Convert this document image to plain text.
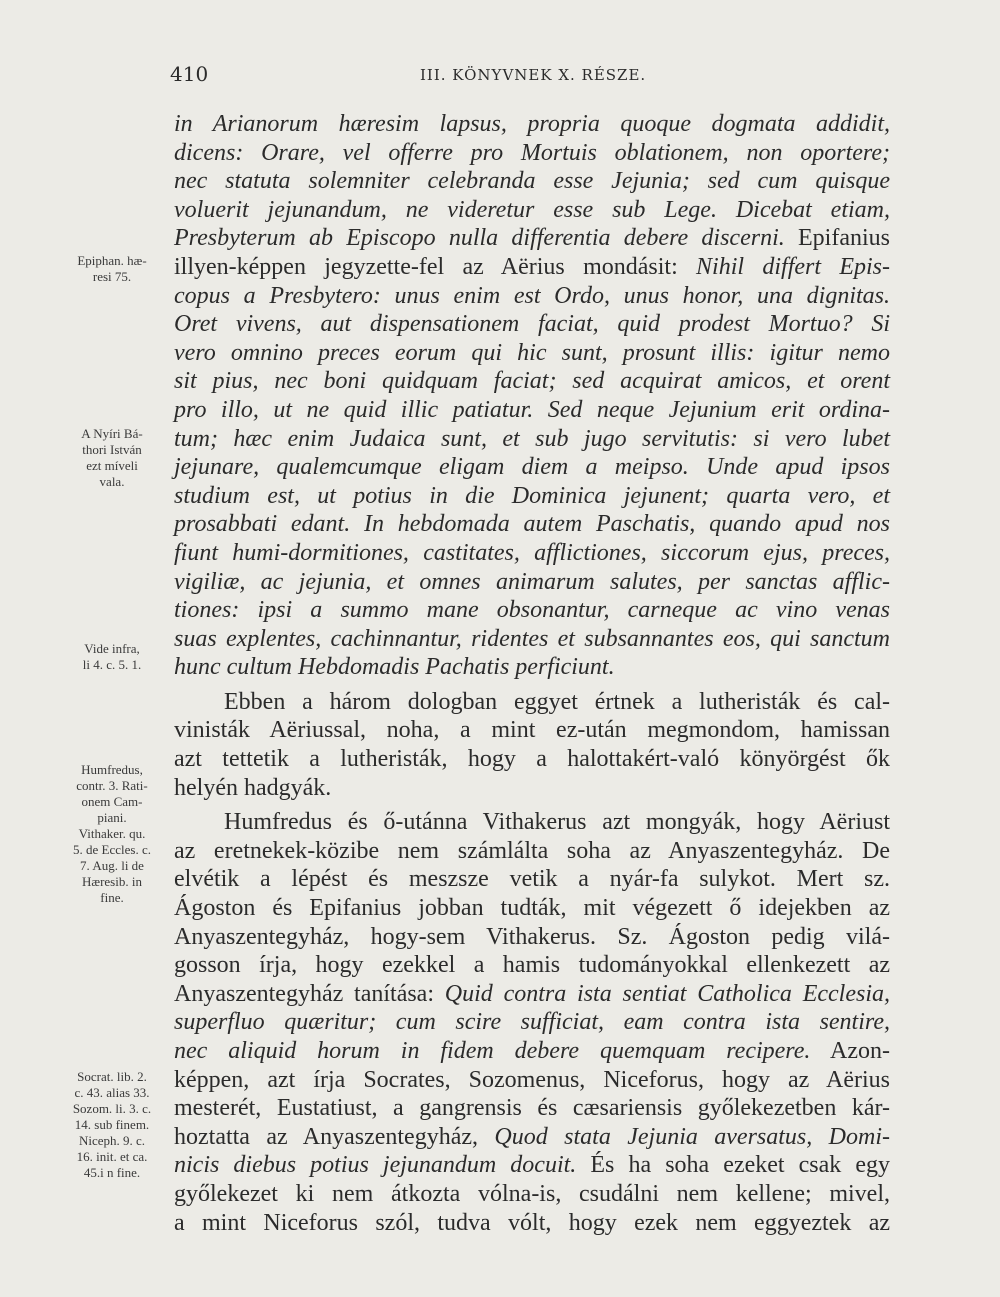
410	III. KÖNYVNEK X. RÉSZE.
Epiphan. hæ-
resi 75.
A Nyíri Bá-
thori István
ezt míveli
vala.
Vide infra,
li 4. c. 5. 1.
Humfredus,
contr. 3. Rati-
onem Cam-
piani.
Vithaker. qu.
5. de Eccles. c.
7. Aug. li de
Hæresib. in
fine.
Socrat. lib. 2.
c. 43. alias 33.
Sozom. li. 3. c.
14. sub finem.
Niceph. 9. c.
16. init. et ca.
45.i n fine.
in Arianorum hæresim lapsus, propria quoque dogmata addidit,
dicens: Orare, vel offerre pro Mortuis oblationem, non oportere;
nec statuta solemniter celebranda esse Jejunia; sed cum quisque
voluerit jejunandum, ne videretur esse sub Lege. Dicebat etiam,
Presbyterum ab Episcopo nulla differentia debere discerni. Epifanius
illyen-képpen jegyzette-fel az Aërius mondásit: Nihil differt Epis-
copus a Presbytero: unus enim est Ordo, unus honor, una dignitas.
Oret vivens, aut dispensationem faciat, quid prodest Mortuo? Si
vero omnino preces eorum qui hic sunt, prosunt illis: igitur nemo
sit pius, nec boni quidquam faciat; sed acquirat amicos, et orent
pro illo, ut ne quid illic patiatur. Sed neque Jejunium erit ordina-
tum; hæc enim Judaica sunt, et sub jugo servitutis: si vero lubet
jejunare, qualemcumque eligam diem a meipso. Unde apud ipsos
studium est, ut potius in die Dominica jejunent; quarta vero, et
prosabbati edant. In hebdomada autem Paschatis, quando apud nos
fiunt humi-dormitiones, castitates, afflictiones, siccorum ejus, preces,
vigiliæ, ac jejunia, et omnes animarum salutes, per sanctas afflic-
tiones: ipsi a summo mane obsonantur, carneque ac vino venas
suas explentes, cachinnantur, ridentes et subsannantes eos, qui sanctum
hunc cultum Hebdomadis Pachatis perficiunt.
Ebben a három dologban eggyet értnek a lutheristák és cal-
vinisták Aëriussal, noha, a mint ez-után megmondom, hamissan
azt tettetik a lutheristák, hogy a halottakért-való könyörgést ők
helyén hadgyák.
Humfredus és ő-utánna Vithakerus azt mongyák, hogy Aëriust
az eretnekek-közibe nem számlálta soha az Anyaszentegyház. De
elvétik a lépést és meszsze vetik a nyár-fa sulykot. Mert sz.
Ágoston és Epifanius jobban tudták, mit végezett ő idejekben az
Anyaszentegyház, hogy-sem Vithakerus. Sz. Ágoston pedig vilá-
gosson írja, hogy ezekkel a hamis tudományokkal ellenkezett az
Anyaszentegyház tanítása: Quid contra ista sentiat Catholica Ecclesia,
superfluo quæritur; cum scire sufficiat, eam contra ista sentire,
nec aliquid horum in fidem debere quemquam recipere. Azon-
képpen, azt írja Socrates, Sozomenus, Niceforus, hogy az Aërius
mesterét, Eustatiust, a gangrensis és cæsariensis győlekezetben kár-
hoztatta az Anyaszentegyház, Quod stata Jejunia aversatus, Domi-
nicis diebus potius jejunandum docuit. És ha soha ezeket csak egy
győlekezet ki nem átkozta vólna-is, csudálni nem kellene; mivel,
a mint Niceforus szól, tudva vólt, hogy ezek nem eggyeztek az
